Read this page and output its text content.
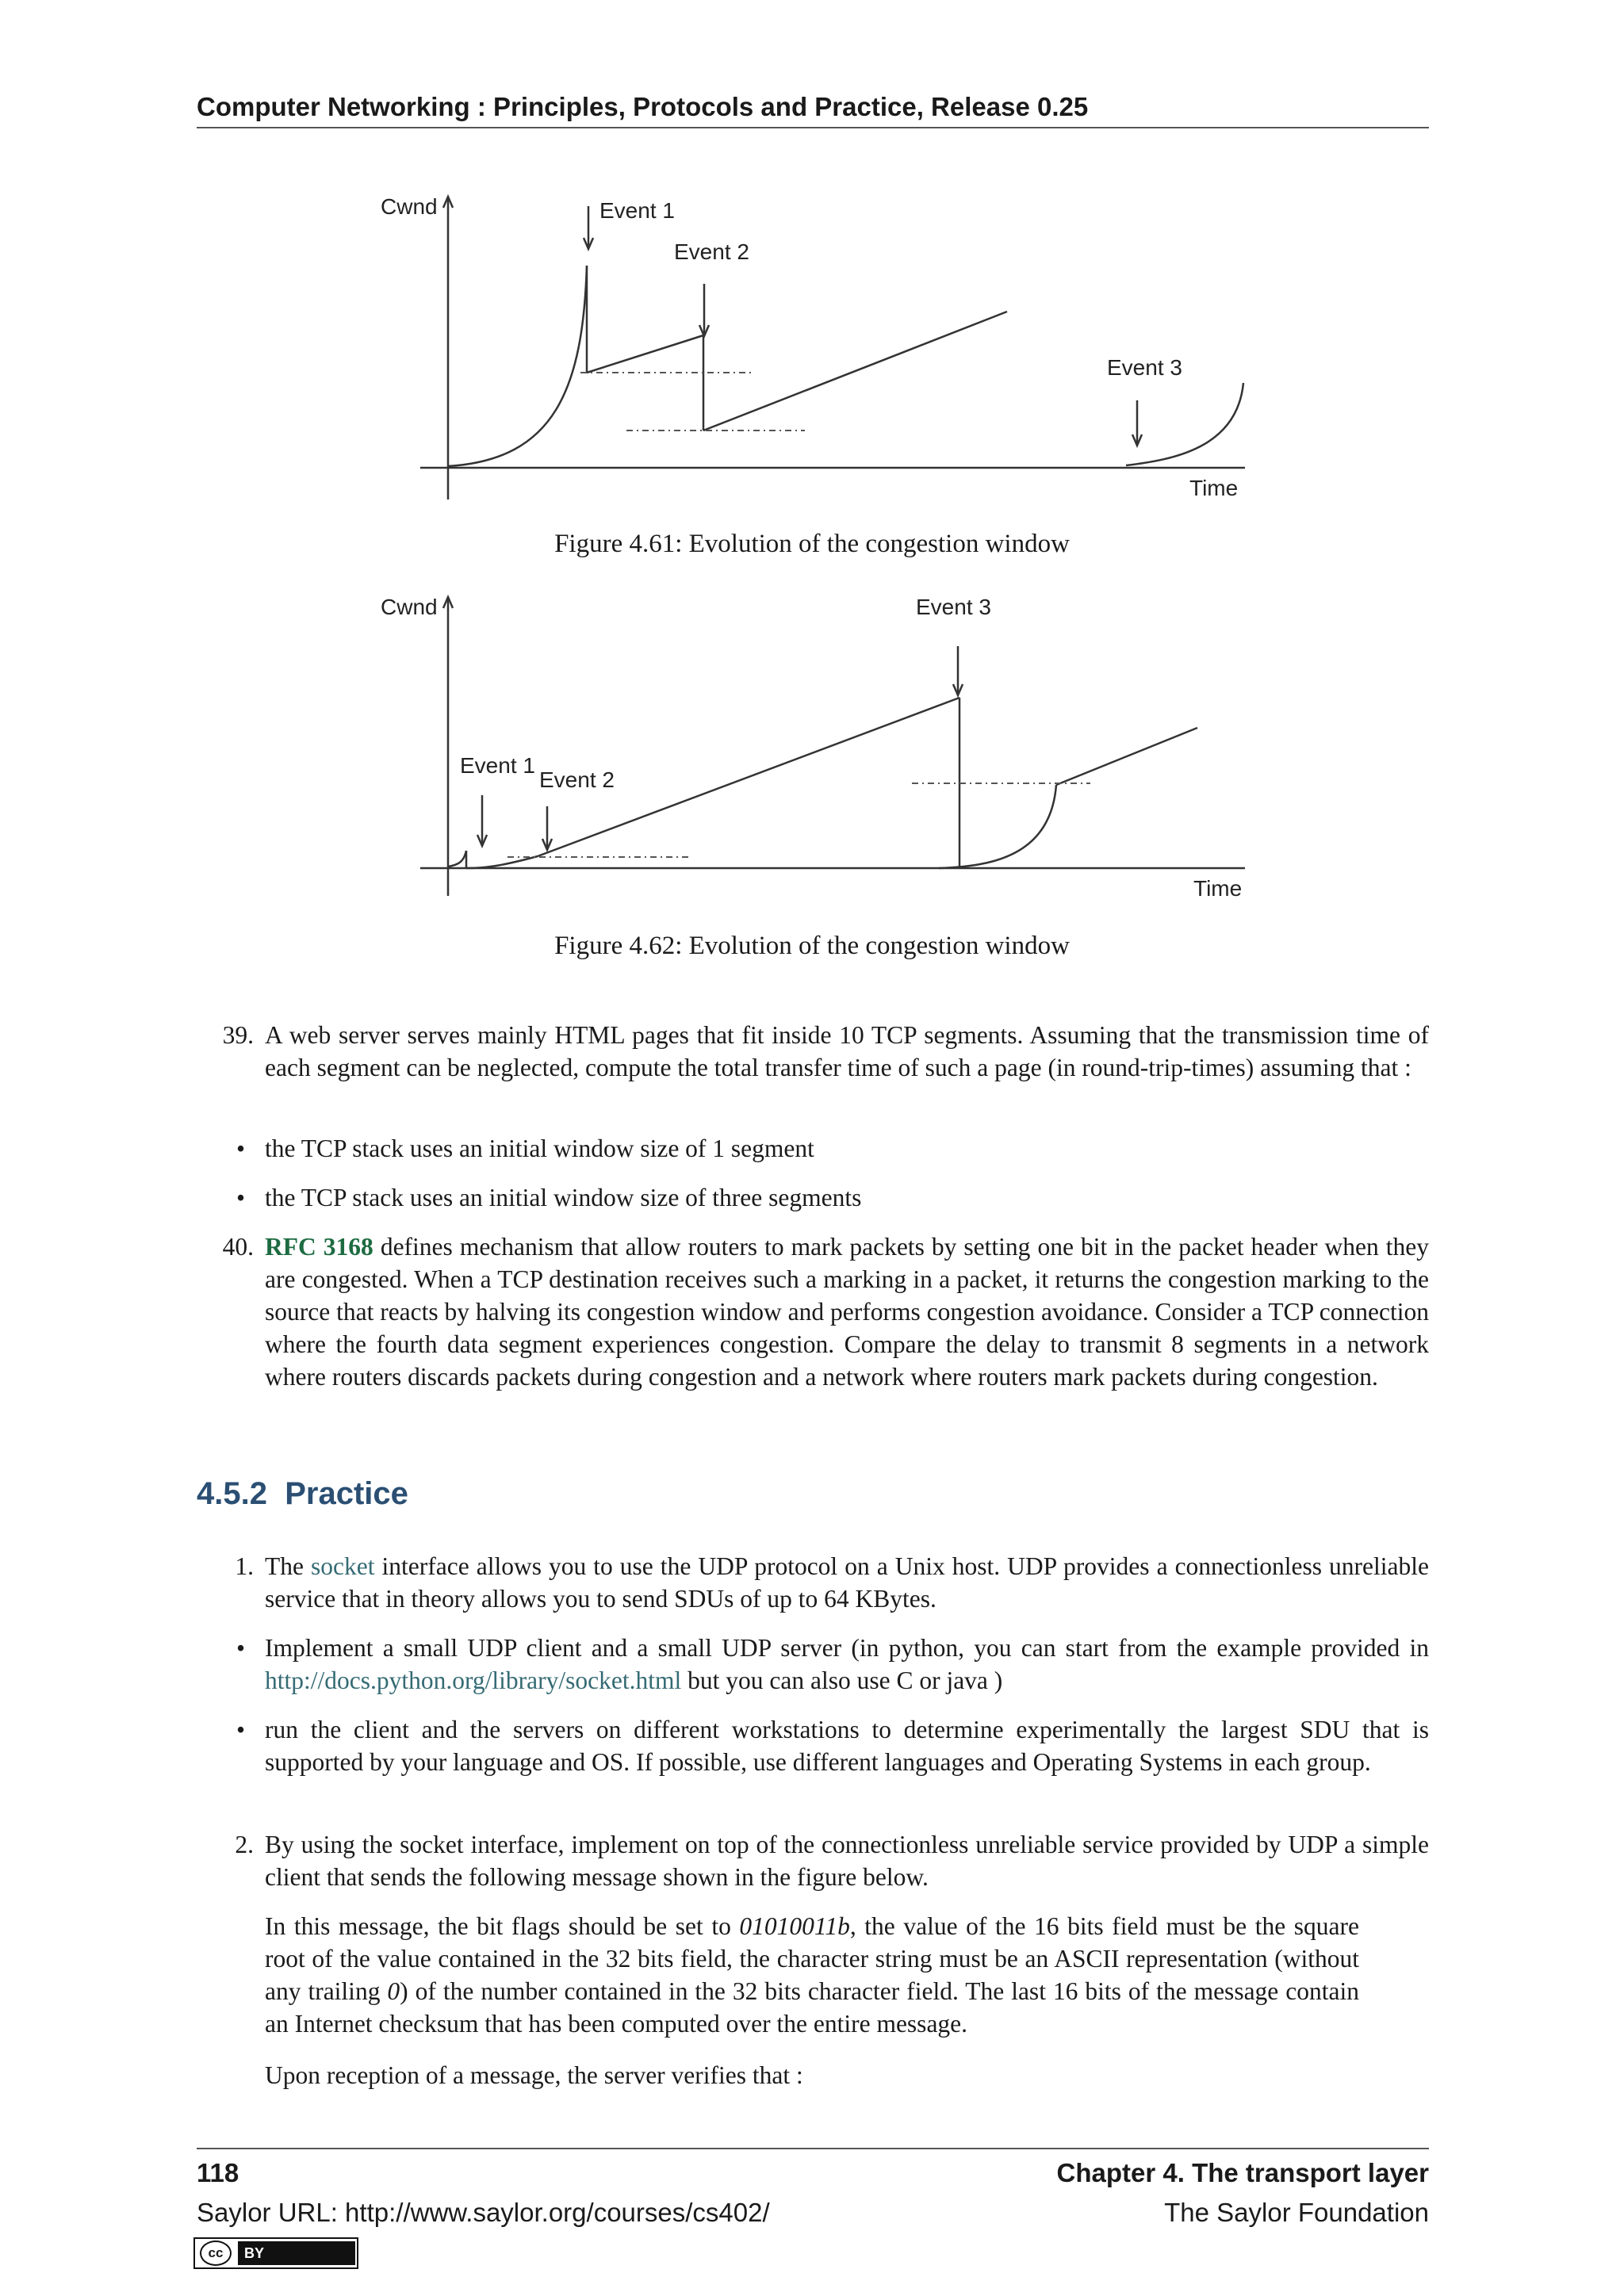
Computer Networking : Principles, Protocols and Practice, Release 0.25
Cwnd	Event 1
Event 2
Event 3
Time
Figure 4.61: Evolution of the congestion window
Cwnd
Event 1
Event 2
Event 3
Time
Figure 4.62: Evolution of the congestion window
39. A web server serves mainly HTML pages that fit inside 10 TCP segments. Assuming that the transmission time of each segment can be neglected, compute the total transfer time of such a page (in round-trip-times) assuming that :
• the TCP stack uses an initial window size of 1 segment
• the TCP stack uses an initial window size of three segments
40. RFC 3168 defines mechanism that allow routers to mark packets by setting one bit in the packet header when they are congested. When a TCP destination receives such a marking in a packet, it returns the congestion marking to the source that reacts by halving its congestion window and performs congestion avoidance. Consider a TCP connection where the fourth data segment experiences congestion. Compare the delay to transmit 8 segments in a network where routers discards packets during congestion and a network where routers mark packets during congestion.
4.5.2 Practice
1. The socket interface allows you to use the UDP protocol on a Unix host. UDP provides a connectionless unreliable service that in theory allows you to send SDUs of up to 64 KBytes.
• Implement a small UDP client and a small UDP server (in python, you can start from the example provided in http://docs.python.org/library/socket.html but you can also use C or java )
• run the client and the servers on different workstations to determine experimentally the largest SDU that is supported by your language and OS. If possible, use different languages and Operating Systems in each group.
2. By using the socket interface, implement on top of the connectionless unreliable service provided by UDP a simple client that sends the following message shown in the figure below.
In this message, the bit flags should be set to 01010011b, the value of the 16 bits field must be the square root of the value contained in the 32 bits field, the character string must be an ASCII representation (without any trailing 0) of the number contained in the 32 bits character field. The last 16 bits of the message contain an Internet checksum that has been computed over the entire message.
Upon reception of a message, the server verifies that :
118	Chapter 4. The transport layer
Saylor URL: http://www.saylor.org/courses/cs402/	The Saylor Foundation
cc	BY
